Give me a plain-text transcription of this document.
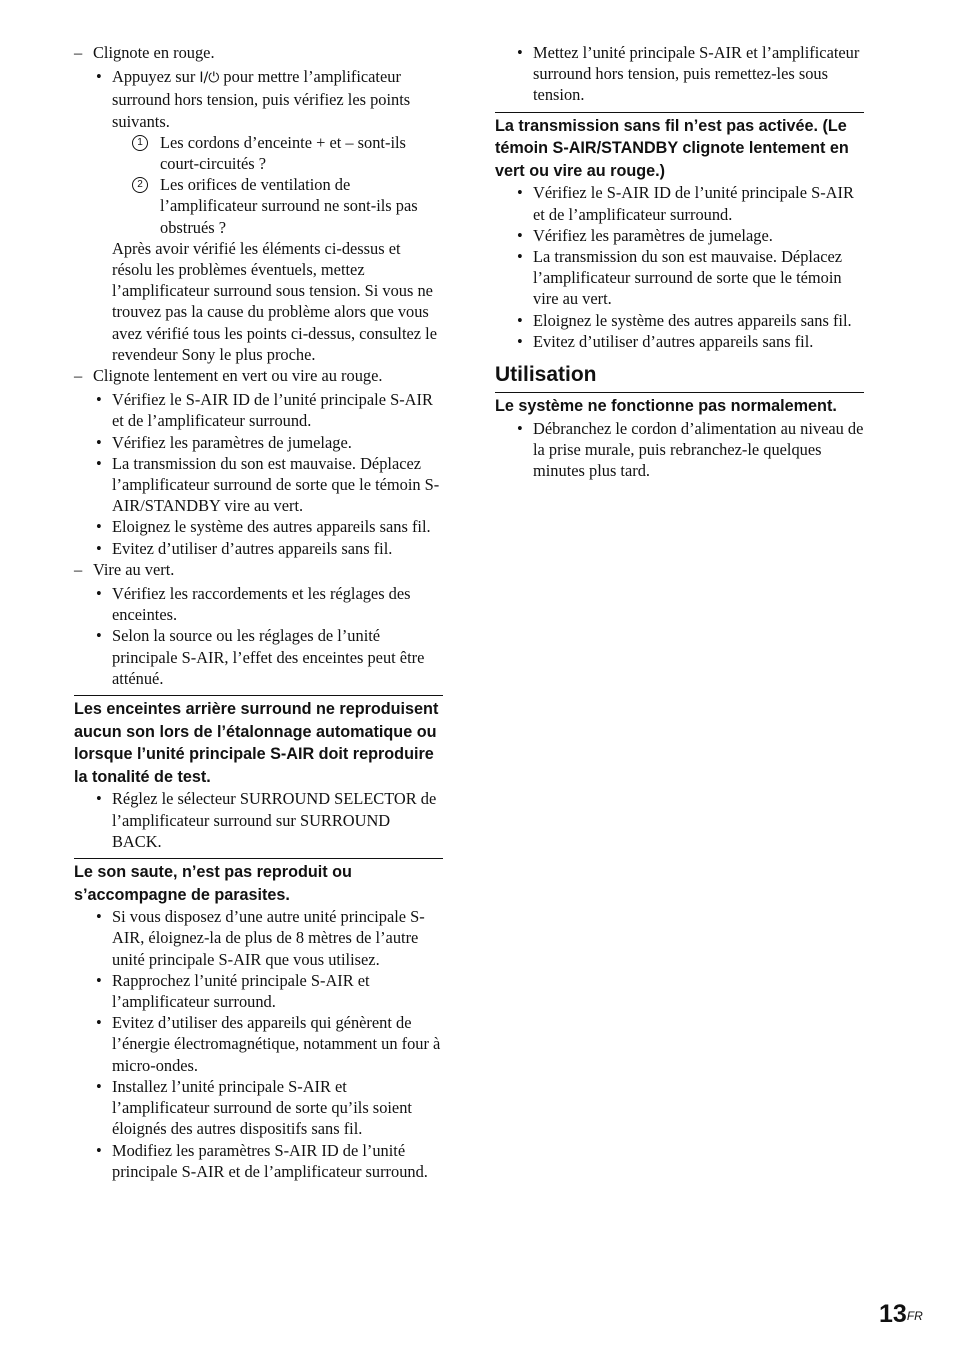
– Clignote en rouge.

• Appuyez sur I/⏻ pour mettre l’amplificateur surround hors tension, puis vérifiez les points suivants.

1	Les cordons d’enceinte + et – sont-ils court-circuités ?

2	Les orifices de ventilation de l’amplificateur surround ne sont-ils pas obstrués ?

Après avoir vérifié les éléments ci-dessus et résolu les problèmes éventuels, mettez l’amplificateur surround sous tension. Si vous ne trouvez pas la cause du problème alors que vous avez vérifié tous les points ci-dessus, consultez le revendeur Sony le plus proche.

– Clignote lentement en vert ou vire au rouge.

• Vérifiez le S-AIR ID de l’unité principale S-AIR et de l’amplificateur surround.

• Vérifiez les paramètres de jumelage.

• La transmission du son est mauvaise. Déplacez l’amplificateur surround de sorte que le témoin S-AIR/STANDBY vire au vert.

• Eloignez le système des autres appareils sans fil.

• Evitez d’utiliser d’autres appareils sans fil.

– Vire au vert.

• Vérifiez les raccordements et les réglages des enceintes.

• Selon la source ou les réglages de l’unité principale S-AIR, l’effet des enceintes peut être atténué.

Les enceintes arrière surround ne reproduisent aucun son lors de l’étalonnage automatique ou lorsque l’unité principale S-AIR doit reproduire la tonalité de test.

• Réglez le sélecteur SURROUND SELECTOR de l’amplificateur surround sur SURROUND BACK.

Le son saute, n’est pas reproduit ou s’accompagne de parasites.

• Si vous disposez d’une autre unité principale S-AIR, éloignez-la de plus de 8 mètres de l’autre unité principale S-AIR que vous utilisez.

• Rapprochez l’unité principale S-AIR et l’amplificateur surround.

• Evitez d’utiliser des appareils qui génèrent de l’énergie électromagnétique, notamment un four à micro-ondes.

• Installez l’unité principale S-AIR et l’amplificateur surround de sorte qu’ils soient éloignés des autres dispositifs sans fil.

• Modifiez les paramètres S-AIR ID de l’unité principale S-AIR et de l’amplificateur surround.

• Mettez l’unité principale S-AIR et l’amplificateur surround hors tension, puis remettez-les sous tension.

La transmission sans fil n’est pas activée. (Le témoin S-AIR/STANDBY clignote lentement en vert ou vire au rouge.)

• Vérifiez le S-AIR ID de l’unité principale S-AIR et de l’amplificateur surround.

• Vérifiez les paramètres de jumelage.

• La transmission du son est mauvaise. Déplacez l’amplificateur surround de sorte que le témoin vire au vert.

• Eloignez le système des autres appareils sans fil.

• Evitez d’utiliser d’autres appareils sans fil.

Utilisation

Le système ne fonctionne pas normalement.

• Débranchez le cordon d’alimentation au niveau de la prise murale, puis rebranchez-le quelques minutes plus tard.

$13^{FR}$
